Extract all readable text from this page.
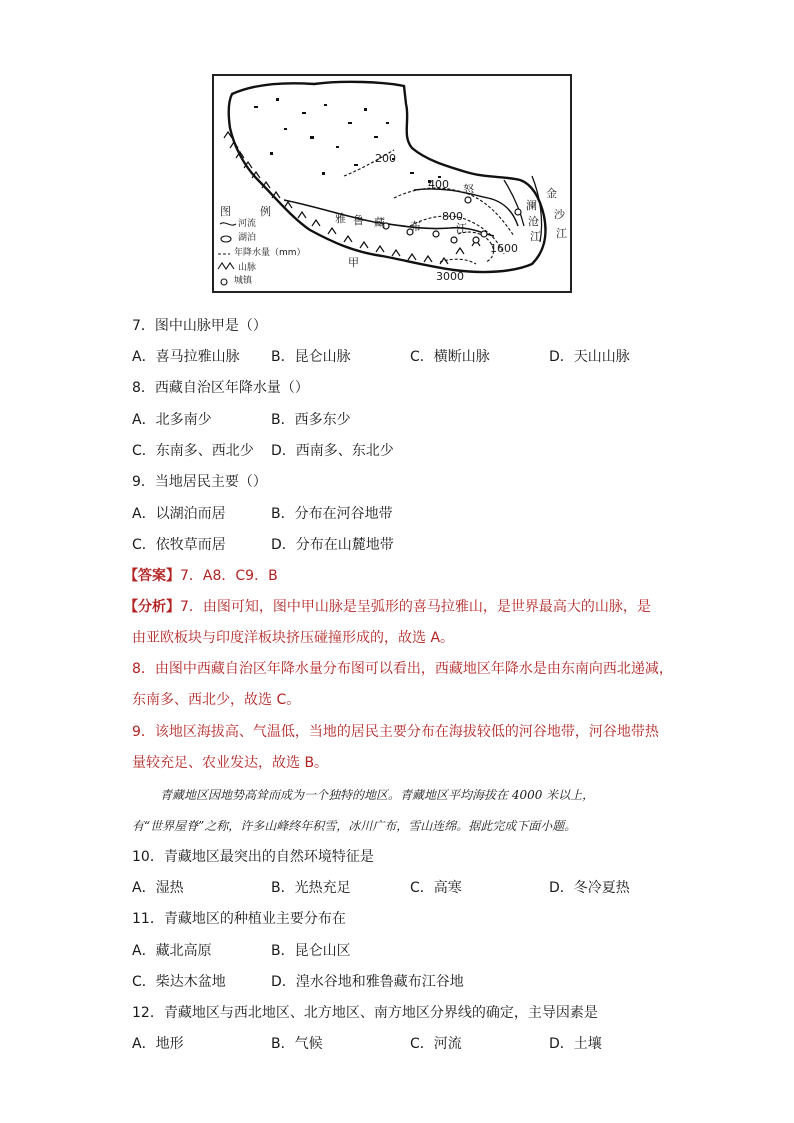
200
400
800
1600
3000
雅 鲁 藏 布	江
怒
澜
沧
江
金
沙
江
甲
图	例
河流
湖泊
年降水量（mm）
山脉
城镇
7．图中山脉甲是（）
A．喜马拉雅山脉 B．昆仑山脉	C．横断山脉	D．天山山脉
8．西藏自治区年降水量（）
A．北多南少	B．西多东少
C．东南多、西北少 D．西南多、东北少
9．当地居民主要（）
A．以湖泊而居	B．分布在河谷地带
C．依牧草而居	D．分布在山麓地带
【答案】7．A8．C9．B
【分析】7．由图可知，图中甲山脉是呈弧形的喜马拉雅山，是世界最高大的山脉，是
由亚欧板块与印度洋板块挤压碰撞形成的，故选 A。
8．由图中西藏自治区年降水量分布图可以看出，西藏地区年降水是由东南向西北递减，
东南多、西北少，故选 C。
9．该地区海拔高、气温低，当地的居民主要分布在海拔较低的河谷地带，河谷地带热
量较充足、农业发达，故选 B。
青藏地区因地势高耸而成为一个独特的地区。青藏地区平均海拔在 4000 米以上，
有“世界屋脊”之称，许多山峰终年积雪，冰川广布，雪山连绵。据此完成下面小题。
10．青藏地区最突出的自然环境特征是
A．湿热	B．光热充足	C．高寒	D．冬冷夏热
11．青藏地区的种植业主要分布在
A．藏北高原	B．昆仑山区
C．柴达木盆地	D．湟水谷地和雅鲁藏布江谷地
12．青藏地区与西北地区、北方地区、南方地区分界线的确定，主导因素是
A．地形	B．气候	C．河流	D．土壤
